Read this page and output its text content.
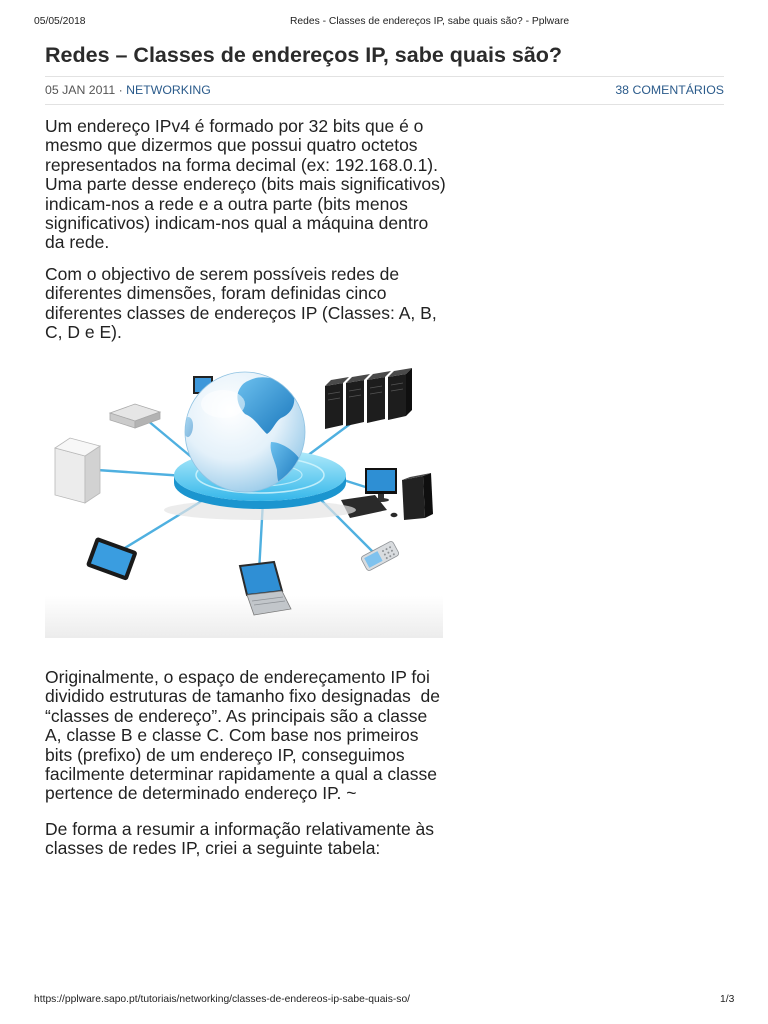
05/05/2018	Redes - Classes de endereços IP, sabe quais são? - Pplware
Redes – Classes de endereços IP, sabe quais são?
05 JAN 2011 · NETWORKING	38 COMENTÁRIOS

Um endereço IPv4 é formado por 32 bits que é o
mesmo que dizermos que possui quatro octetos
representados na forma decimal (ex: 192.168.0.1).
Uma parte desse endereço (bits mais significativos)
indicam-nos a rede e a outra parte (bits menos
significativos) indicam-nos qual a máquina dentro
da rede.

Com o objectivo de serem possíveis redes de
diferentes dimensões, foram definidas cinco
diferentes classes de endereços IP (Classes: A, B,
C, D e E).

Originalmente, o espaço de endereçamento IP foi
dividido estruturas de tamanho fixo designadas  de
“classes de endereço”. As principais são a classe
A, classe B e classe C. Com base nos primeiros
bits (prefixo) de um endereço IP, conseguimos
facilmente determinar rapidamente a qual a classe
pertence de determinado endereço IP. ~

De forma a resumir a informação relativamente às
classes de redes IP, criei a seguinte tabela:

https://pplware.sapo.pt/tutoriais/networking/classes-de-endereos-ip-sabe-quais-so/	1/3
